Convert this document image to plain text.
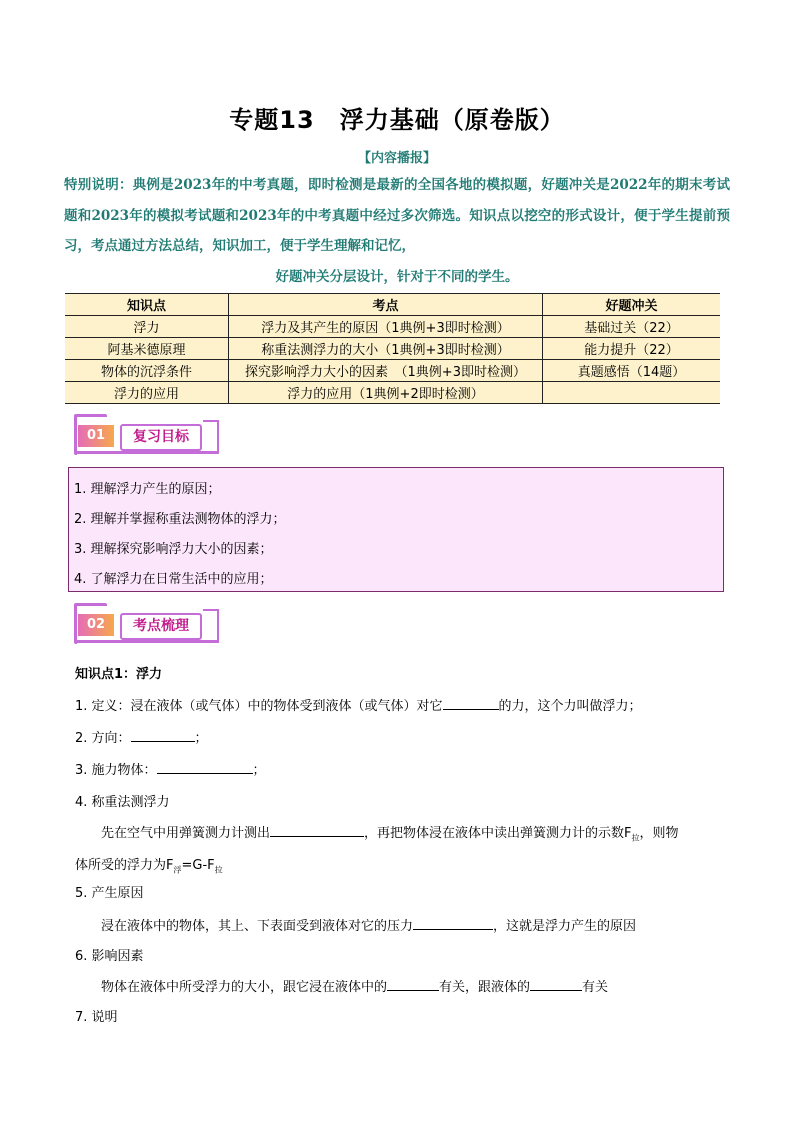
专题13　浮力基础（原卷版）
【内容播报】
特别说明：典例是2023年的中考真题，即时检测是最新的全国各地的模拟题，好题冲关是2022年的期末考试题和2023年的模拟考试题和2023年的中考真题中经过多次筛选。知识点以挖空的形式设计，便于学生提前预习，考点通过方法总结，知识加工，便于学生理解和记忆，
好题冲关分层设计，针对于不同的学生。
知识点	考点	好题冲关
浮力	浮力及其产生的原因（1典例+3即时检测）	基础过关（22）
阿基米德原理	称重法测浮力的大小（1典例+3即时检测）	能力提升（22）
物体的沉浮条件	探究影响浮力大小的因素　（1典例+3即时检测）	真题感悟（14题）
浮力的应用	浮力的应用（1典例+2即时检测）	
01	复习目标
1. 理解浮力产生的原因；
2. 理解并掌握称重法测物体的浮力；
3. 理解探究影响浮力大小的因素；
4. 了解浮力在日常生活中的应用；
02	考点梳理
知识点1：浮力
1. 定义：浸在液体（或气体）中的物体受到液体（或气体）对它	的力，这个力叫做浮力；
2. 方向：	；
3. 施力物体：	；
4. 称重法测浮力
先在空气中用弹簧测力计测出	，再把物体浸在液体中读出弹簧测力计的示数$F_拉$，则物
体所受的浮力为$F_浮=G-F_拉$
5. 产生原因
浸在液体中的物体，其上、下表面受到液体对它的压力	，这就是浮力产生的原因
6. 影响因素
物体在液体中所受浮力的大小，跟它浸在液体中的	有关，跟液体的	有关
7. 说明
